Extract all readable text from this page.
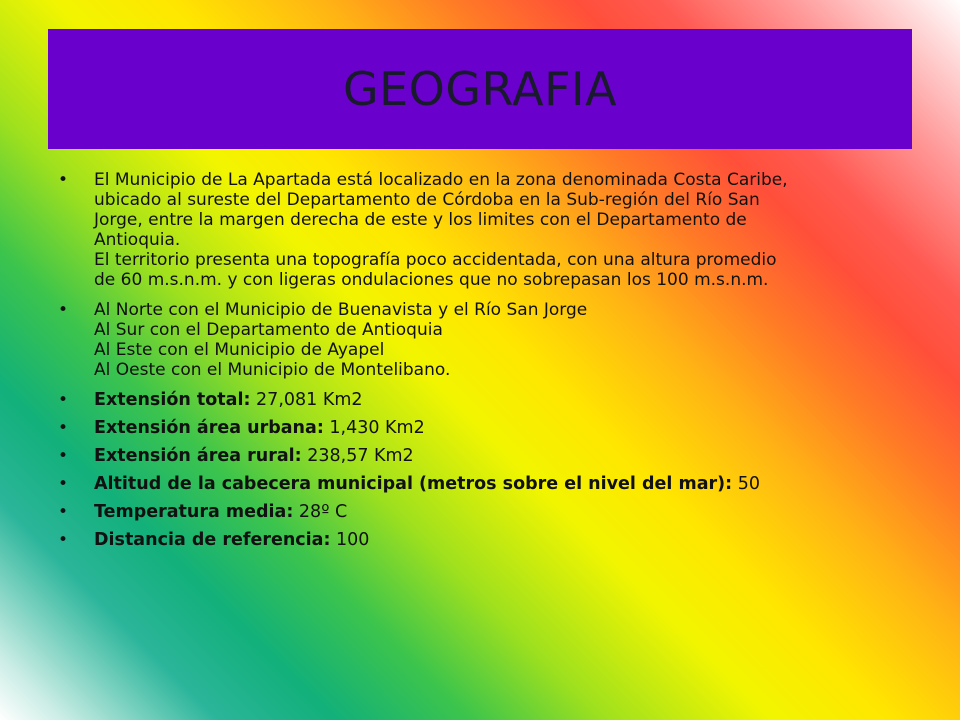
GEOGRAFIA
• El Municipio de La Apartada está localizado en la zona denominada Costa Caribe,
ubicado al sureste del Departamento de Córdoba en la Sub-región del Río San
Jorge, entre la margen derecha de este y los limites con el Departamento de
Antioquia.
El territorio presenta una topografía poco accidentada, con una altura promedio
de 60 m.s.n.m. y con ligeras ondulaciones que no sobrepasan los 100 m.s.n.m.
• Al Norte con el Municipio de Buenavista y el Río San Jorge
Al Sur con el Departamento de Antioquia
Al Este con el Municipio de Ayapel
Al Oeste con el Municipio de Montelibano.
• Extensión total: 27,081 Km2
• Extensión área urbana: 1,430 Km2
• Extensión área rural: 238,57 Km2
• Altitud de la cabecera municipal (metros sobre el nivel del mar): 50
• Temperatura media: 28º C
• Distancia de referencia: 100
